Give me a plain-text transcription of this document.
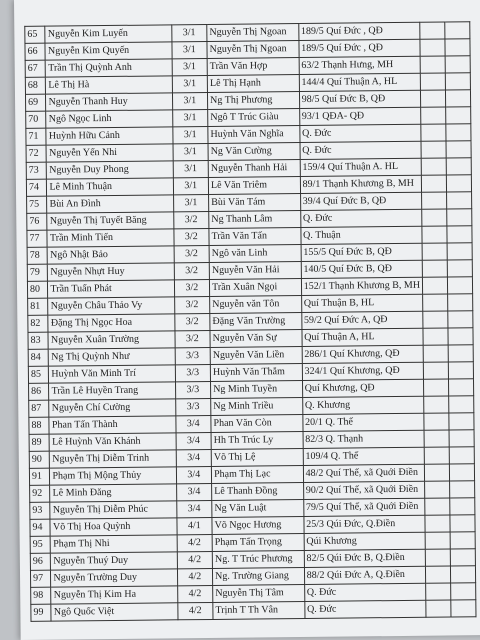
65	Nguyễn Kim Luyến	3/1	Nguyễn Thị Ngoan	189/5 Quí Đức , QĐ		
66	Nguyễn Kim Quyến	3/1	Nguyễn Thị Ngoan	189/5 Quí Đức , QĐ		
67	Trần Thị Quỳnh Anh	3/1	Trần Văn Hợp	63/2 Thạnh Hưng, MH		
68	Lê Thị Hà	3/1	Lê Thị Hạnh	144/4 Quí Thuận A, HL		
69	Nguyễn Thanh Huy	3/1	Ng Thị Phương	98/5 Quí Đức B, QĐ		
70	Ngô Ngọc Linh	3/1	Ngô T Trúc Giàu	93/1 QĐA- QĐ		
71	Huỳnh Hữu Cảnh	3/1	Huỳnh Văn Nghĩa	Q. Đức		
72	Nguyễn Yến Nhi	3/1	Ng Văn Cường	Q. Đức		
73	Nguyễn Duy Phong	3/1	Nguyễn Thanh Hải	159/4 Quí Thuận A. HL		
74	Lê Minh Thuận	3/1	Lê Văn Triêm	89/1 Thạnh Khương B, MH		
75	Bùi An Đình	3/1	Bùi Văn Tám	39/4 Quí Đức B, QĐ		
76	Nguyễn Thị Tuyết Băng	3/2	Ng Thanh Lâm	Q. Đức		
77	Trần Minh Tiến	3/2	Trần Văn Tấn	Q. Thuận		
78	Ngô Nhật Bảo	3/2	Ngô văn Linh	155/5 Quí Đức B, QĐ		
79	Nguyễn Nhựt Huy	3/2	Nguyễn Văn Hải	140/5 Quí Đức B, QĐ		
80	Trần Tuấn Phát	3/2	Trần Xuân Ngọi	152/1 Thạnh Khương B, MH		
81	Nguyễn Châu Thảo Vy	3/2	Nguyễn văn Tôn	Quí Thuận B, HL		
82	Đặng Thị Ngọc Hoa	3/2	Đặng Văn Trường	59/2 Quí Đức A, QĐ		
83	Nguyễn Xuân Trường	3/2	Nguyễn Văn Sự	Quí Thuận A, HL		
84	Ng Thị Quỳnh Như	3/3	Nguyễn Văn Liền	286/1 Quí Khương, QĐ		
85	Huỳnh Văn Minh Trí	3/3	Huỳnh Văn Thắm	324/1 Quí Khương, QĐ		
86	Trần Lê Huyền Trang	3/3	Ng Minh Tuyền	Quí Khương, QĐ		
87	Nguyễn Chí Cường	3/3	Ng Minh Triều	Q. Khương		
88	Phan Tấn Thành	3/4	Phan Văn Còn	20/1 Q. Thế		
89	Lê Huỳnh Văn Khánh	3/4	Hh Th Trúc Ly	82/3 Q. Thạnh		
90	Nguyễn Thị Diễm Trinh	3/4	Võ Thị Lệ	109/4 Q. Thế		
91	Phạm Thị Mộng Thủy	3/4	Phạm Thị Lạc	48/2 Quí Thế, xã Quới Điền		
92	Lê Minh Đăng	3/4	Lê Thanh Đồng	90/2 Quí Thế, xã Quới Điền		
93	Nguyễn Thị Diễm Phúc	3/4	Ng Văn Luật	79/5 Quí Thế, xã Quới Điền		
94	Võ Thị Hoa Quỳnh	4/1	Võ Ngọc Hương	25/3 Qúi Đức, Q.Điền		
95	Phạm Thị Nhi	4/2	Phạm Tấn Trọng	Qúi Khương		
96	Nguyễn Thuý Duy	4/2	Ng. T Trúc Phương	82/5 Qúi Đức B, Q.Điền		
97	Nguyễn Trường Duy	4/2	Ng. Trường Giang	88/2 Qúi Đức A, Q.Điền		
98	Nguyễn Thị Kim Ha	4/2	Nguyễn Thị Tâm	Q. Đức		
99	Ngô Quốc Việt	4/2	Trịnh T Th Vân	Q. Đức		
